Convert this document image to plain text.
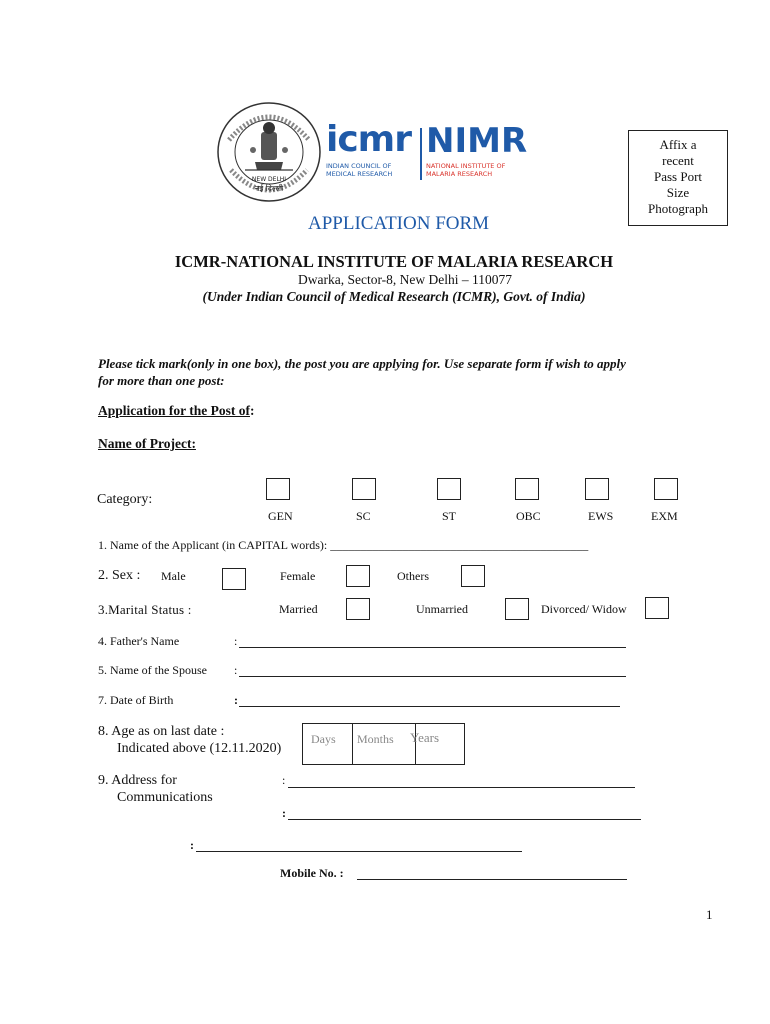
NEW DELHI
नई दिल्ली
icmr
INDIAN COUNCIL OF
MEDICAL RESEARCH
NIMR
NATIONAL INSTITUTE OF
MALARIA RESEARCH
Affix a
recent
Pass Port
Size
Photograph
APPLICATION FORM
ICMR-NATIONAL INSTITUTE OF MALARIA RESEARCH
Dwarka, Sector-8, New Delhi – 110077
(Under Indian Council of Medical Research (ICMR), Govt. of India)
Please tick mark(only in one box), the post you are applying for. Use separate form if wish to apply
for more than one post:
Application for the Post of:
Name of Project:
Category:
GEN	SC	ST	OBC	EWS	EXM
1. Name of the Applicant (in CAPITAL words): ___________________________________________
2. Sex : Male	Female	Others
3.Marital Status :	Married	Unmarried	Divorced/ Widow
4. Father's Name	:
5. Name of the Spouse :
7. Date of Birth	:
8. Age as on last date :
Indicated above (12.11.2020)
Days Months Years
9. Address for
Communications
:
:
:
Mobile No. :
1
